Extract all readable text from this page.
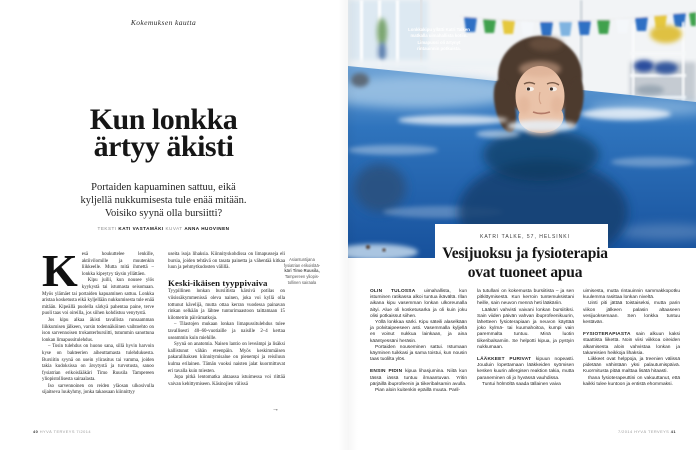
Kokemuksen kautta
Kun lonkka
ärtyy äkisti
Portaiden kapuaminen sattuu, eikä
kyljellä nukkumisesta tule enää mitään.
Voisiko syynä olla bursiitti?
TEKSTI KATI VASTAMÄKI KUVAT ANNA HUOVINEN
K esä houkuttelee lenkille, aktiivilomille ja muutenkin liikkeelle. Mutta mitä ihmettä – lonkka kipeytyy täysin yllättäen.

Kipu juilii, kun nousee ylös kyykystä tai istumasta seisomaan. Myös ylämäet tai portaiden kapuaminen sattuu. Lonkka aristaa kosketusta eikä kyljellään nukkumisesta tule enää mitään. Kipeällä puolella särkyä pahentaa paine, terve puoli taas voi oireilla, jos siihen kohdistuu venytystä.

Jos kipu alkaa äkisti tavallista runsaamman liikkumisen jälkeen, varsin todennäköinen vaihtoehto on ison sarvennoisen trokanterbursiitti, tutummin sanottuna lonkan limapussitulehdus.

– Tosin tulehdus on huono sana, sillä hyvin harvoin kyse on bakteerien aiheuttamasta tulehduksesta. Bursiitin syynä on usein ylirasitus tai vamma, joiden takia kudoksissa on ärsytystä ja turvotusta, sanoo fysiatrian erikoislääkäri Timo Ruusila Tampereen yliopistollisesta sairaalasta.

Iso sarvennoinen on reiden yläosan ulkosivulla sijaitseva luukyhmy, jonka takaosaan kiinnittyy

useita isoja lihaksia. Kiinnityskohdissa on limapusseja eli bursia, joiden tehtävä on tasata painetta ja vähentää kitkaa luun ja pehmytkudosten välillä.

Keski-ikäisen tyyppivaiva

Tyypillinen lonkan bursiitista kärsivä potilas on viisissäkymmenissä oleva nainen, joka voi kyllä olla tottunut kävelijä, mutta ottaa kerran vuodessa painavan rinkan selkään ja lähtee tunturimaastoon taittamaan 15 kilometrin päivämatkoja.

– Tilastojen mukaan lonkan limapussitulehdus tulee tavallisesti 40–60-vuotiaille ja naisille 2–4 kertaa useammin kuin miehille.

Syynä on anatomia. Naisen lantio on leveämpi ja lisäksi kallistunut vähän eteenpäin. Myös keskimmäisen pakaralihaksen kiinnitymisalue on pienempi ja reisiluun kulma erilainen. Tämän vuoksi naisten jalat kuormittuvat eri tavalla kuin miesten.

Jopa pitkä lentomatka ahtaassa istuimessa voi riittää vaivan kehittymiseen. Käsinojien välissä

Asiantuntijana

fysiatrian erikoislää-

käri Timo Ruusila,

Tampereen yliopis-

tollinen sairaala

→
40 HYVÄ TERVEYS 7/2014
Lonkkakipu yllätti Katri Talken matkalla uimahallista kotiin. Limapussi oli ärtynyt rintauinnin potkuista.
KATRI TALKE, 57, HELSINKI
Vesijuoksu ja fysioterapia
ovat tuoneet apua

OLIN TULOSSA uimahallista, kun istuminen ratikassa alkoi tuntua ikävältä. Illan aikana kipu vasemman lonkan ulkoreunalla äityi. Alue oli kosketusarka ja oli kuin joku olisi potkaissut siihen.

Yöllä lonkkaa särki. Kipu säteili alaselkään ja polvitaipeeseen asti. Vasemmalla kyljellä en voinut nukkua lainkaan, ja aina kääntyessäni heräsin.

Portaiden nouseminen sattui. Istumaan käyminen tuikkasi ja sama toistui, kun nousin taas tuolilta ylös.

ENSIN PIDIN kipua lihasjumina. Niitä kun tässä iässä tuntuu ilmaantuvan. Yritin pärjäillä ibuprofeenin ja tiikeribalsamin avulla.

Pian aloin kuitenkin epäillä muuta. Paril-

la tutullani on kokemusta bursiitista – ja sen pitkittymisestä. Kun kerroin tuntemuksistani heille, sain neuvon mennä heti lääkäriin.

Lääkäri vahvisti vaivani lonkan bursiitiksi. Sain viiden päivän vahvan ibuprofeenikuurin, lähetteen fysioterapiaan ja neuvon käyttää joko kylmä- tai kuumahoitoa, kumpi vain paremmalta tuntuu. Minä luotin tiikeribalsamiin. Se helpotti kipua, ja pystyin nukkumaan.

LÄÄKKEET PURIVAT kipuun nopeasti. Jouduin lopettamaan lääkkeiden syömisen kesken kuurin allergisen reaktion takia, mutta paraneminen oli jo hyvässä vauhdissa.

Tuntui hölmöltä saada tällainen vaiva

uimisesta, mutta rintauinnin sammakkopotku kuulemma rasittaa lonkan niveltä.

Uinti piti jättää toistaiseksi, mutta parin viikon jälkeen palasin altaaseen vesijuoksemaan. Sen lonkka tuntuu kestävän.

FYSIOTERAPIASTA sain alkuun kaksi staattista liikettä. Noin viisi viikkoa oireiden alkamisesta aloin vahvistaa lonkan ja takareisien heikkoja lihaksia.

Liikkeet ovat helppoja, ja treenien välissä pidetään vähintään yksi palautumispäivä. Kuormitusta pitää malttaa lisätä hitaasti.

Ihana fysioterapeuttini on vakuuttanut, että kaikki tulee kuntoon ja entistä ehommaksi.

7/2014 HYVÄ TERVEYS 41
